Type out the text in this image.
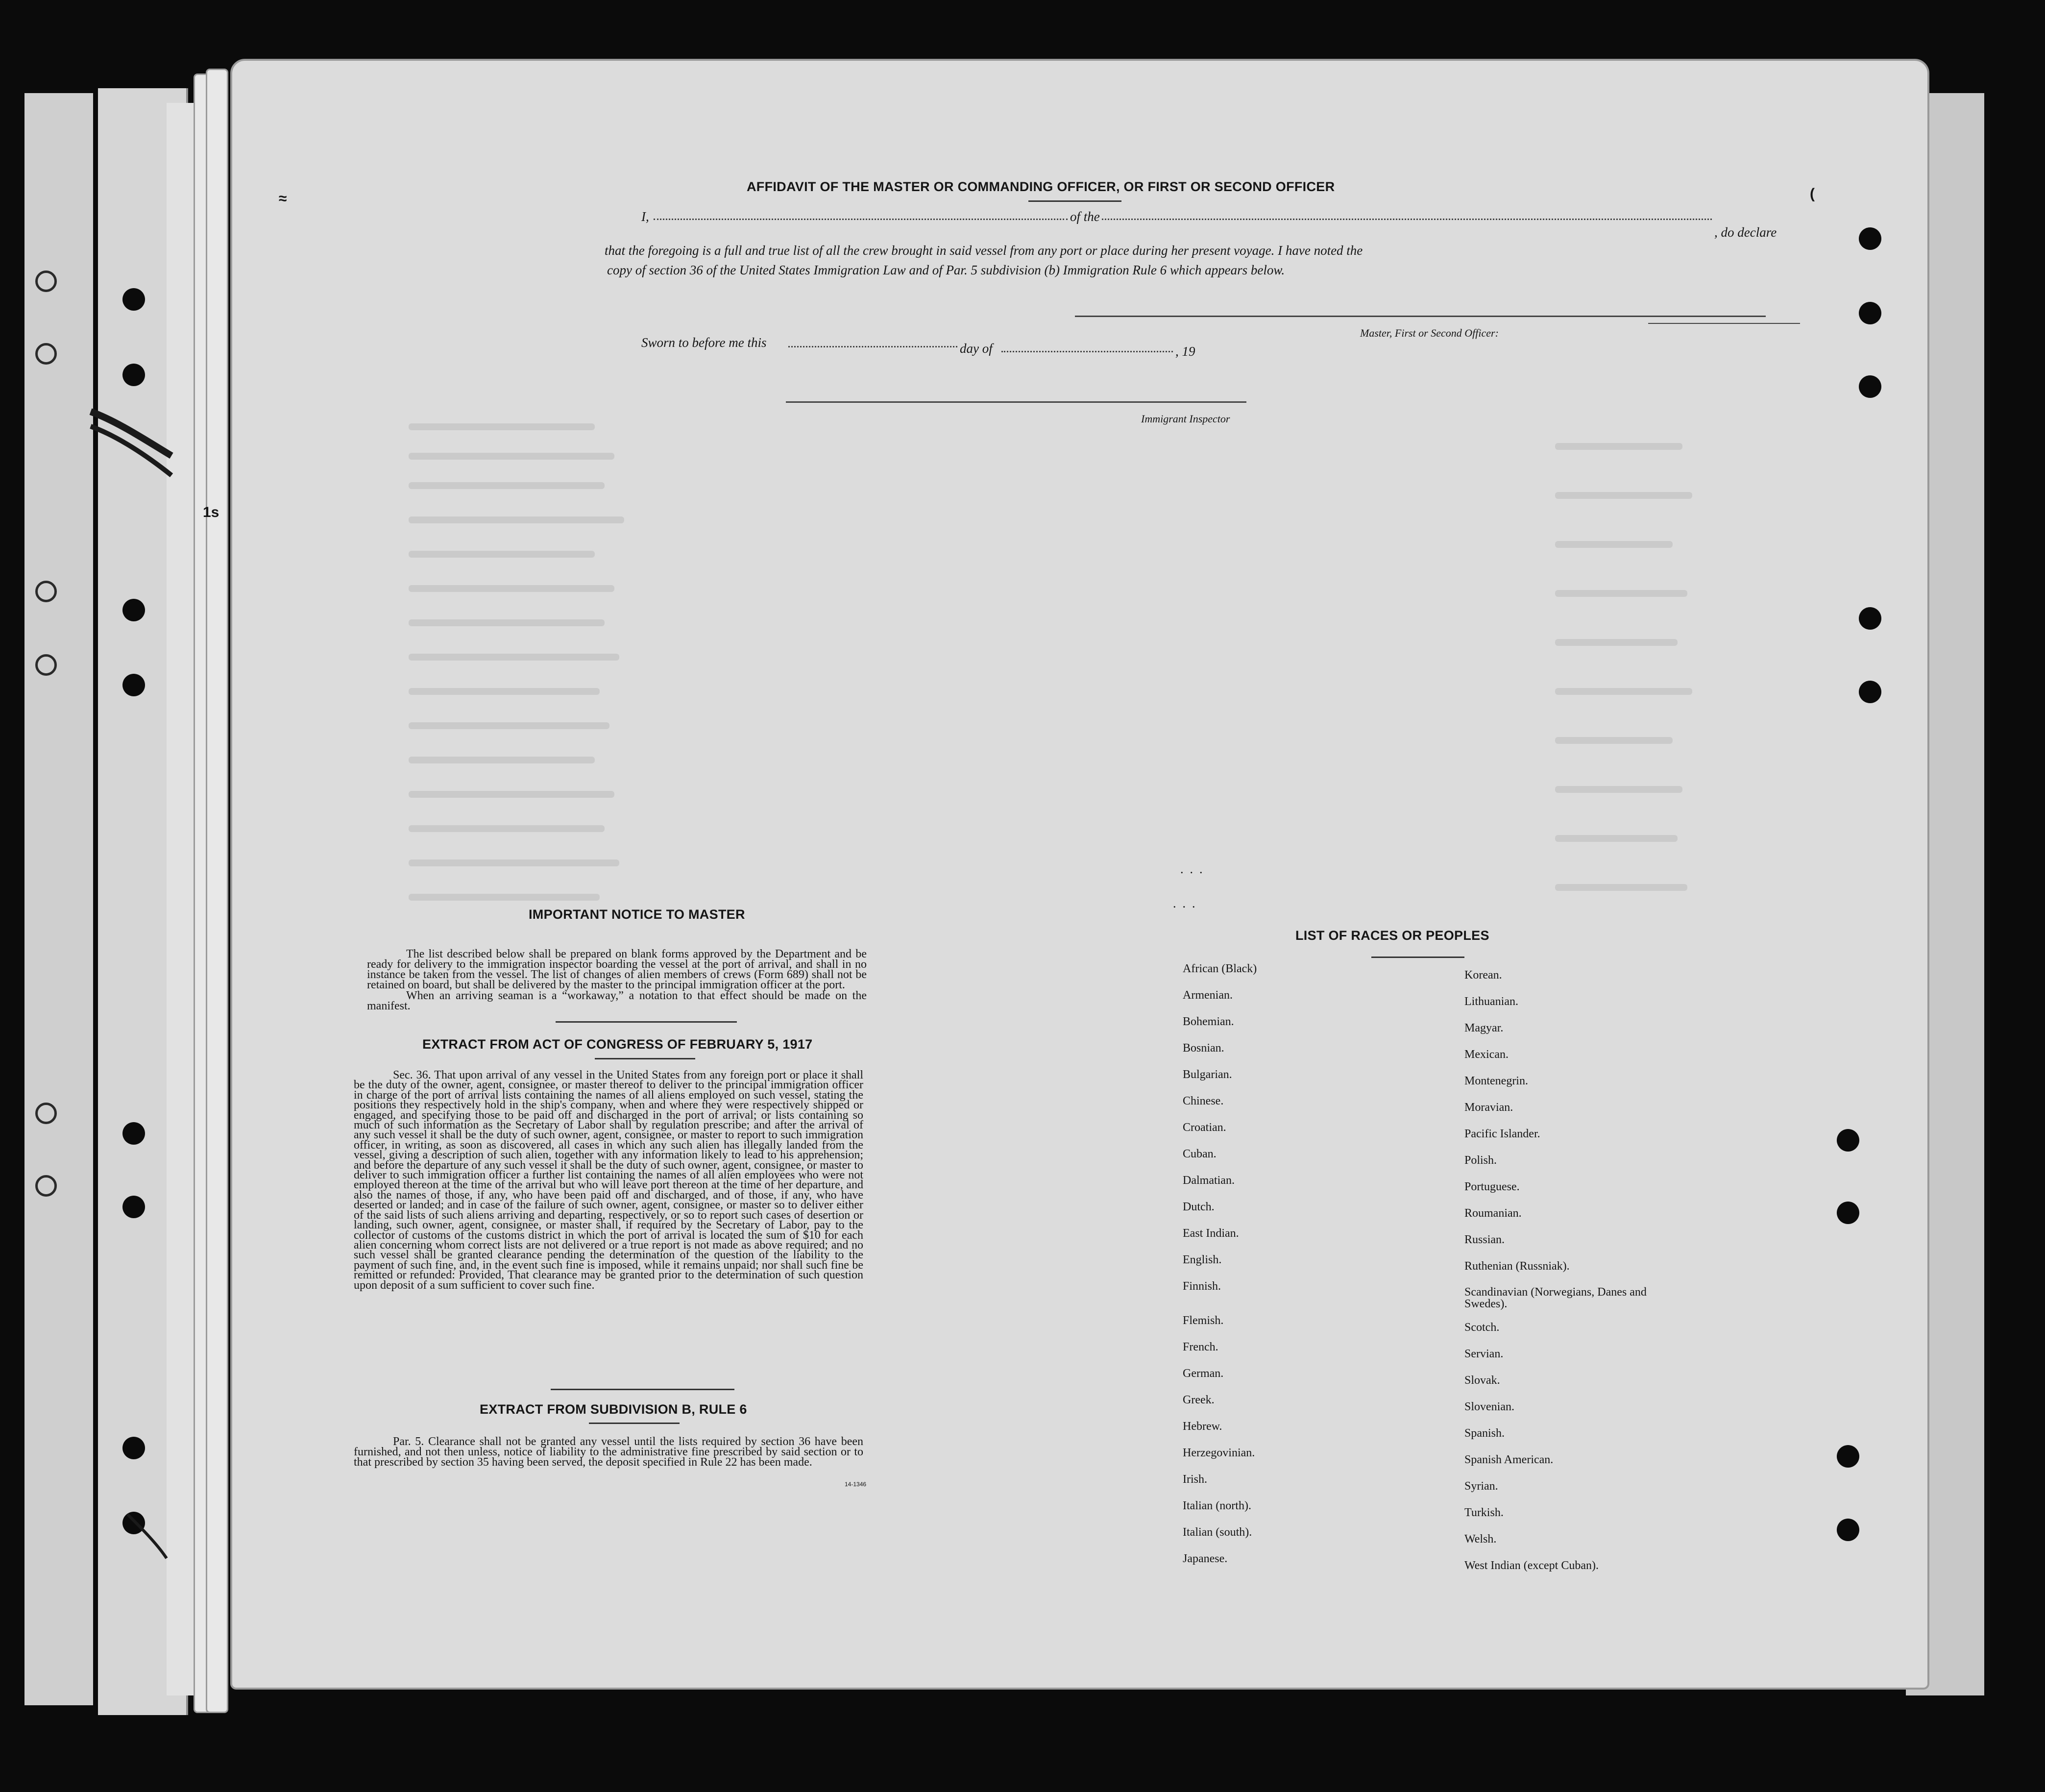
1s
≈	(
AFFIDAVIT OF THE MASTER OR COMMANDING OFFICER, OR FIRST OR SECOND OFFICER
I,	of the
, do declare
that the foregoing is a full and true list of all the crew brought in said vessel from any port or place during her present voyage. I have noted the
copy of section 36 of the United States Immigration Law and of Par. 5 subdivision (b) Immigration Rule 6 which appears below.
Master, First or Second Officer:
Sworn to before me this	day of	, 19
Immigrant Inspector
.  .  .
.  .  .
IMPORTANT NOTICE TO MASTER
The list described below shall be prepared on blank forms approved by the Department and be ready for delivery to the immigration inspector boarding the vessel at the port of arrival, and shall in no instance be taken from the vessel. The list of changes of alien members of crews (Form 689) shall not be retained on board, but shall be delivered by the master to the principal immigration officer at the port.
When an arriving seaman is a “workaway,” a notation to that effect should be made on the manifest.
EXTRACT FROM ACT OF CONGRESS OF FEBRUARY 5, 1917
Sec. 36. That upon arrival of any vessel in the United States from any foreign port or place it shall be the duty of the owner, agent, consignee, or master thereof to deliver to the principal immigration officer in charge of the port of arrival lists containing the names of all aliens employed on such vessel, stating the positions they respectively hold in the ship's company, when and where they were respectively shipped or engaged, and specifying those to be paid off and discharged in the port of arrival; or lists containing so much of such information as the Secretary of Labor shall by regulation prescribe; and after the arrival of any such vessel it shall be the duty of such owner, agent, consignee, or master to report to such immigration officer, in writing, as soon as discovered, all cases in which any such alien has illegally landed from the vessel, giving a description of such alien, together with any information likely to lead to his apprehension; and before the departure of any such vessel it shall be the duty of such owner, agent, consignee, or master to deliver to such immigration officer a further list containing the names of all alien employees who were not employed thereon at the time of the arrival but who will leave port thereon at the time of her departure, and also the names of those, if any, who have been paid off and discharged, and of those, if any, who have deserted or landed; and in case of the failure of such owner, agent, consignee, or master so to deliver either of the said lists of such aliens arriving and departing, respectively, or so to report such cases of desertion or landing, such owner, agent, consignee, or master shall, if required by the Secretary of Labor, pay to the collector of customs of the customs district in which the port of arrival is located the sum of $10 for each alien concerning whom correct lists are not delivered or a true report is not made as above required; and no such vessel shall be granted clearance pending the determination of the question of the liability to the payment of such fine, and, in the event such fine is imposed, while it remains unpaid; nor shall such fine be remitted or refunded: Provided, That clearance may be granted prior to the determination of such question upon deposit of a sum sufficient to cover such fine.
EXTRACT FROM SUBDIVISION B, RULE 6
Par. 5. Clearance shall not be granted any vessel until the lists required by section 36 have been furnished, and not then unless, notice of liability to the administrative fine prescribed by said section or to that prescribed by section 35 having been served, the deposit specified in Rule 22 has been made.
14-1346
LIST OF RACES OR PEOPLES
African (Black)
Armenian.
Bohemian.
Bosnian.
Bulgarian.
Chinese.
Croatian.
Cuban.
Dalmatian.
Dutch.
East Indian.
English.
Finnish.
Flemish.
French.
German.
Greek.
Hebrew.
Herzegovinian.
Irish.
Italian (north).
Italian (south).
Japanese.
Korean.
Lithuanian.
Magyar.
Mexican.
Montenegrin.
Moravian.
Pacific Islander.
Polish.
Portuguese.
Roumanian.
Russian.
Ruthenian (Russniak).
Scandinavian (Norwegians, Danes and Swedes).
Scotch.
Servian.
Slovak.
Slovenian.
Spanish.
Spanish American.
Syrian.
Turkish.
Welsh.
West Indian (except Cuban).
